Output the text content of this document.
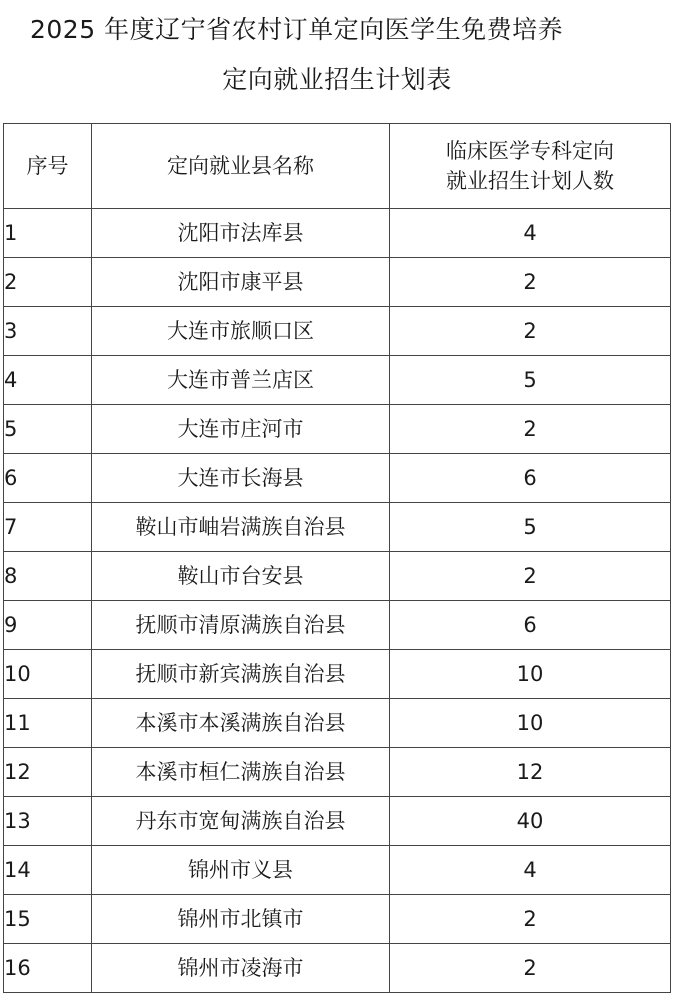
2025 年度辽宁省农村订单定向医学生免费培养
定向就业招生计划表
序号	定向就业县名称	临床医学专科定向
就业招生计划人数

1	沈阳市法库县	4
2	沈阳市康平县	2
3	大连市旅顺口区	2
4	大连市普兰店区	5
5	大连市庄河市	2
6	大连市长海县	6
7	鞍山市岫岩满族自治县	5
8	鞍山市台安县	2
9	抚顺市清原满族自治县	6
10	抚顺市新宾满族自治县	10
11	本溪市本溪满族自治县	10
12	本溪市桓仁满族自治县	12
13	丹东市宽甸满族自治县	40
14	锦州市义县	4
15	锦州市北镇市	2
16	锦州市凌海市	2
